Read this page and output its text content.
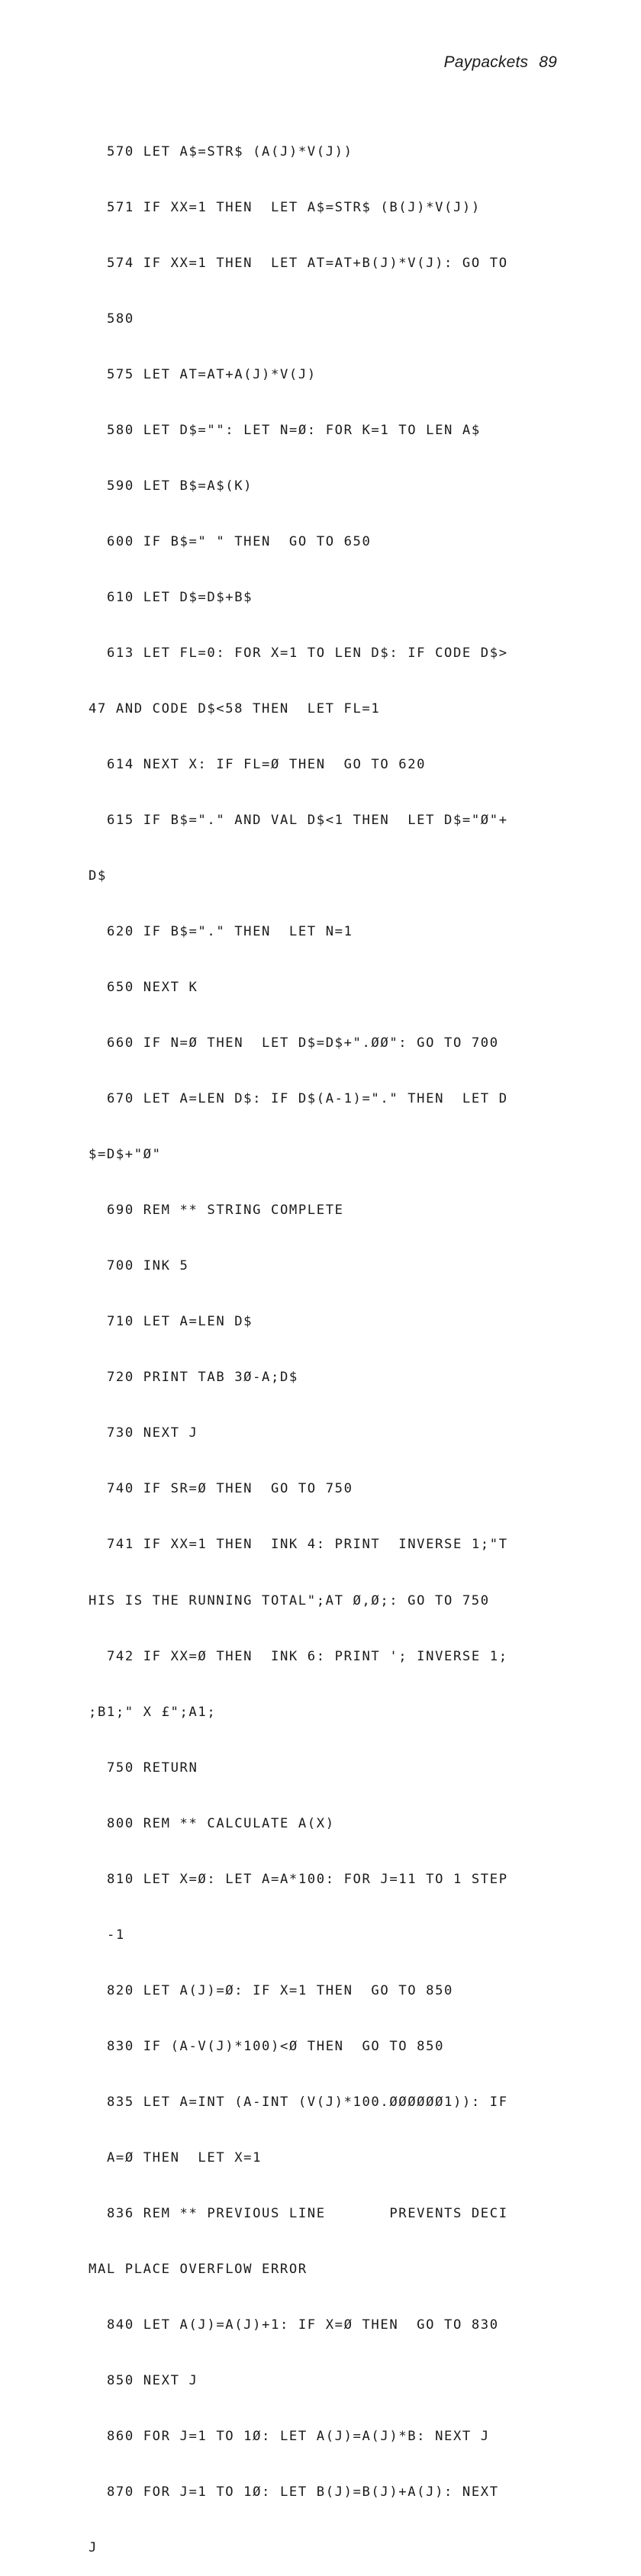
Paypackets 89

570 LET A$=STR$ (A(J)*V(J))

571 IF XX=1 THEN  LET A$=STR$ (B(J)*V(J))

574 IF XX=1 THEN  LET AT=AT+B(J)*V(J): GO TO

580

575 LET AT=AT+A(J)*V(J)

580 LET D$="": LET N=Ø: FOR K=1 TO LEN A$

590 LET B$=A$(K)

600 IF B$=" " THEN  GO TO 650

610 LET D$=D$+B$

613 LET FL=0: FOR X=1 TO LEN D$: IF CODE D$>

47 AND CODE D$<58 THEN  LET FL=1

614 NEXT X: IF FL=Ø THEN  GO TO 620

615 IF B$="." AND VAL D$<1 THEN  LET D$="Ø"+

D$

620 IF B$="." THEN  LET N=1

650 NEXT K

660 IF N=Ø THEN  LET D$=D$+".ØØ": GO TO 700

670 LET A=LEN D$: IF D$(A-1)="." THEN  LET D

$=D$+"Ø"

690 REM ** STRING COMPLETE

700 INK 5

710 LET A=LEN D$

720 PRINT TAB 3Ø-A;D$

730 NEXT J

740 IF SR=Ø THEN  GO TO 750

741 IF XX=1 THEN  INK 4: PRINT  INVERSE 1;"T

HIS IS THE RUNNING TOTAL";AT Ø,Ø;: GO TO 750

742 IF XX=Ø THEN  INK 6: PRINT '; INVERSE 1;

;B1;" X £";A1;

750 RETURN

800 REM ** CALCULATE A(X)

810 LET X=Ø: LET A=A*100: FOR J=11 TO 1 STEP

-1

820 LET A(J)=Ø: IF X=1 THEN  GO TO 850

830 IF (A-V(J)*100)<Ø THEN  GO TO 850

835 LET A=INT (A-INT (V(J)*100.ØØØØØØ1)): IF

A=Ø THEN  LET X=1

836 REM ** PREVIOUS LINE       PREVENTS DECI

MAL PLACE OVERFLOW ERROR

840 LET A(J)=A(J)+1: IF X=Ø THEN  GO TO 830

850 NEXT J

860 FOR J=1 TO 1Ø: LET A(J)=A(J)*B: NEXT J

870 FOR J=1 TO 1Ø: LET B(J)=B(J)+A(J): NEXT

J
